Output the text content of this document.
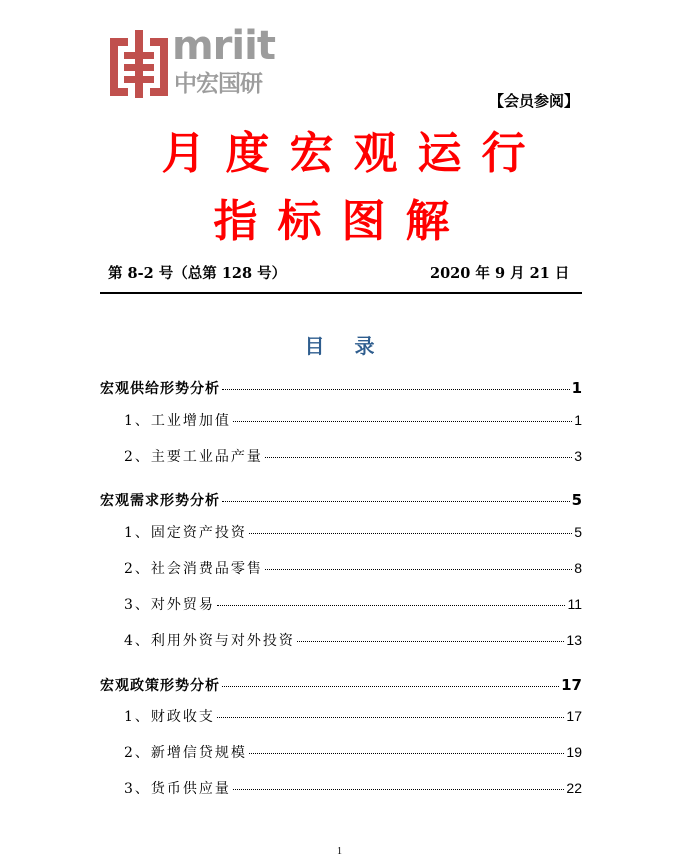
mriit
中宏国研
【会员参阅】
月度宏观运行
指标图解
第 8-2 号（总第 128 号）	2020 年 9 月 21 日
目录
宏观供给形势分析	1
1、工业增加值	1
2、主要工业品产量	3
宏观需求形势分析	5
1、固定资产投资	5
2、社会消费品零售	8
3、对外贸易	11
4、利用外资与对外投资	13
宏观政策形势分析	17
1、财政收支	17
2、新增信贷规模	19
3、货币供应量	22
1
